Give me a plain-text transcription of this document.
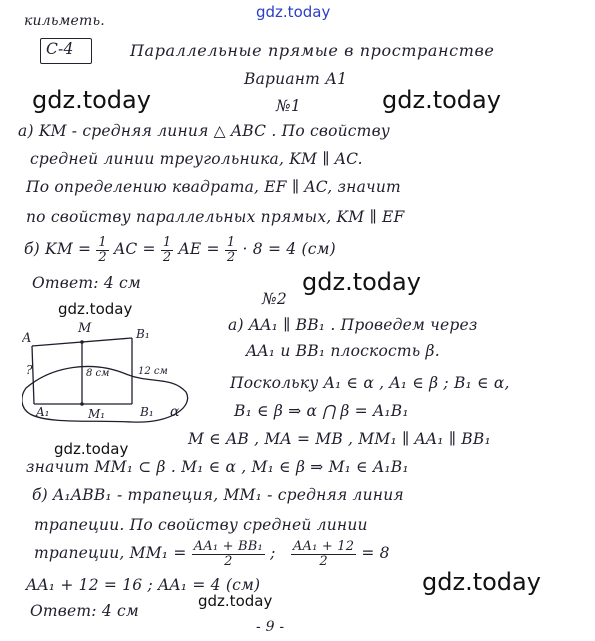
gdz.today
gdz.today	gdz.today
gdz.today
gdz.today
gdz.today
gdz.today
gdz.today
кильметь.
С-4	Параллельные прямые в пространстве
Вариант А1
№1
а) KM - средняя линия △ ABC . По свойству
средней линии треугольника, KM ∥ AC.
По определению квадрата, EF ∥ AC, значит
по свойству параллельных прямых, KM ∥ EF
б) KM = $\frac{1}{2}$ AC = $\frac{1}{2}$ AE = $\frac{1}{2} \cdot 8 = 4$ (см)
Ответ: 4 см
№2
A
M	B₁
?	8 см	12 см
A₁	M₁	B₁ α
а) AA₁ ∥ BB₁ . Проведем через
AA₁ и BB₁ плоскость β.
Поскольку A₁ ∈ α , A₁ ∈ β ; B₁ ∈ α,
B₁ ∈ β ⇒ α ⋂ β = A₁B₁
M ∈ AB , MA = MB , MM₁ ∥ AA₁ ∥ BB₁
значит MM₁ ⊂ β . M₁ ∈ α , M₁ ∈ β ⇒ M₁ ∈ A₁B₁
б) A₁ABB₁ - трапеция, MM₁ - средняя линия
трапеции. По свойству средней линии
трапеции, $MM_1 = \frac{\text{AA₁ + BB₁}}{2}$ ; $\frac{\text{AA₁ + 12}}{2} = 8$
AA₁ + 12 = 16 ; AA₁ = 4 (см)
Ответ: 4 см
- 9 -
